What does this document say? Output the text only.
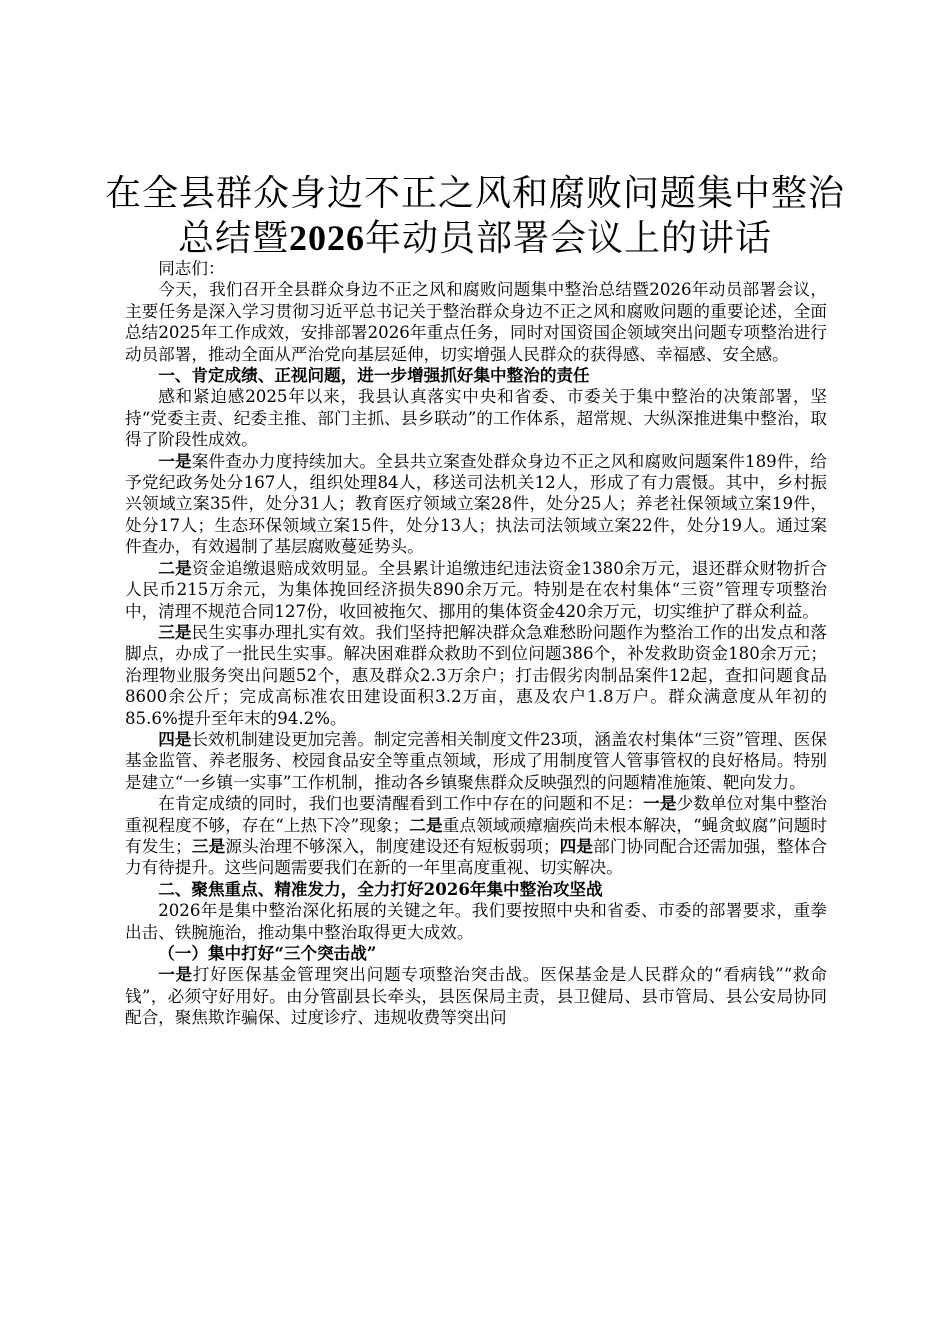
在全县群众身边不正之风和腐败问题集中整治
总结暨2026年动员部署会议上的讲话

同志们：

今天，我们召开全县群众身边不正之风和腐败问题集中整治总结暨2026年动员部署会议，主要任务是深入学习贯彻习近平总书记关于整治群众身边不正之风和腐败问题的重要论述，全面总结2025年工作成效，安排部署2026年重点任务，同时对国资国企领域突出问题专项整治进行动员部署，推动全面从严治党向基层延伸，切实增强人民群众的获得感、幸福感、安全感。

一、肯定成绩、正视问题，进一步增强抓好集中整治的责任

感和紧迫感2025年以来，我县认真落实中央和省委、市委关于集中整治的决策部署，坚持“党委主责、纪委主推、部门主抓、县乡联动”的工作体系，超常规、大纵深推进集中整治，取得了阶段性成效。

一是案件查办力度持续加大。全县共立案查处群众身边不正之风和腐败问题案件189件，给予党纪政务处分167人，组织处理84人，移送司法机关12人，形成了有力震慑。其中，乡村振兴领域立案35件，处分31人；教育医疗领域立案28件，处分25人；养老社保领域立案19件，处分17人；生态环保领域立案15件，处分13人；执法司法领域立案22件，处分19人。通过案件查办，有效遏制了基层腐败蔓延势头。

二是资金追缴退赔成效明显。全县累计追缴违纪违法资金1380余万元，退还群众财物折合人民币215万余元，为集体挽回经济损失890余万元。特别是在农村集体“三资”管理专项整治中，清理不规范合同127份，收回被拖欠、挪用的集体资金420余万元，切实维护了群众利益。

三是民生实事办理扎实有效。我们坚持把解决群众急难愁盼问题作为整治工作的出发点和落脚点，办成了一批民生实事。解决困难群众救助不到位问题386个，补发救助资金180余万元；治理物业服务突出问题52个，惠及群众2.3万余户；打击假劣肉制品案件12起，查扣问题食品8600余公斤；完成高标准农田建设面积3.2万亩，惠及农户1.8万户。群众满意度从年初的85.6%提升至年末的94.2%。

四是长效机制建设更加完善。制定完善相关制度文件23项，涵盖农村集体“三资”管理、医保基金监管、养老服务、校园食品安全等重点领域，形成了用制度管人管事管权的良好格局。特别是建立“一乡镇一实事”工作机制，推动各乡镇聚焦群众反映强烈的问题精准施策、靶向发力。

在肯定成绩的同时，我们也要清醒看到工作中存在的问题和不足：一是少数单位对集中整治重视程度不够，存在“上热下冷”现象；二是重点领域顽瘴痼疾尚未根本解决，“蝇贪蚁腐”问题时有发生；三是源头治理不够深入，制度建设还有短板弱项；四是部门协同配合还需加强，整体合力有待提升。这些问题需要我们在新的一年里高度重视、切实解决。

二、聚焦重点、精准发力，全力打好2026年集中整治攻坚战

2026年是集中整治深化拓展的关键之年。我们要按照中央和省委、市委的部署要求，重拳出击、铁腕施治，推动集中整治取得更大成效。

（一）集中打好“三个突击战”

一是打好医保基金管理突出问题专项整治突击战。医保基金是人民群众的“看病钱”“救命钱”，必须守好用好。由分管副县长牵头，县医保局主责，县卫健局、县市管局、县公安局协同配合，聚焦欺诈骗保、过度诊疗、违规收费等突出问
